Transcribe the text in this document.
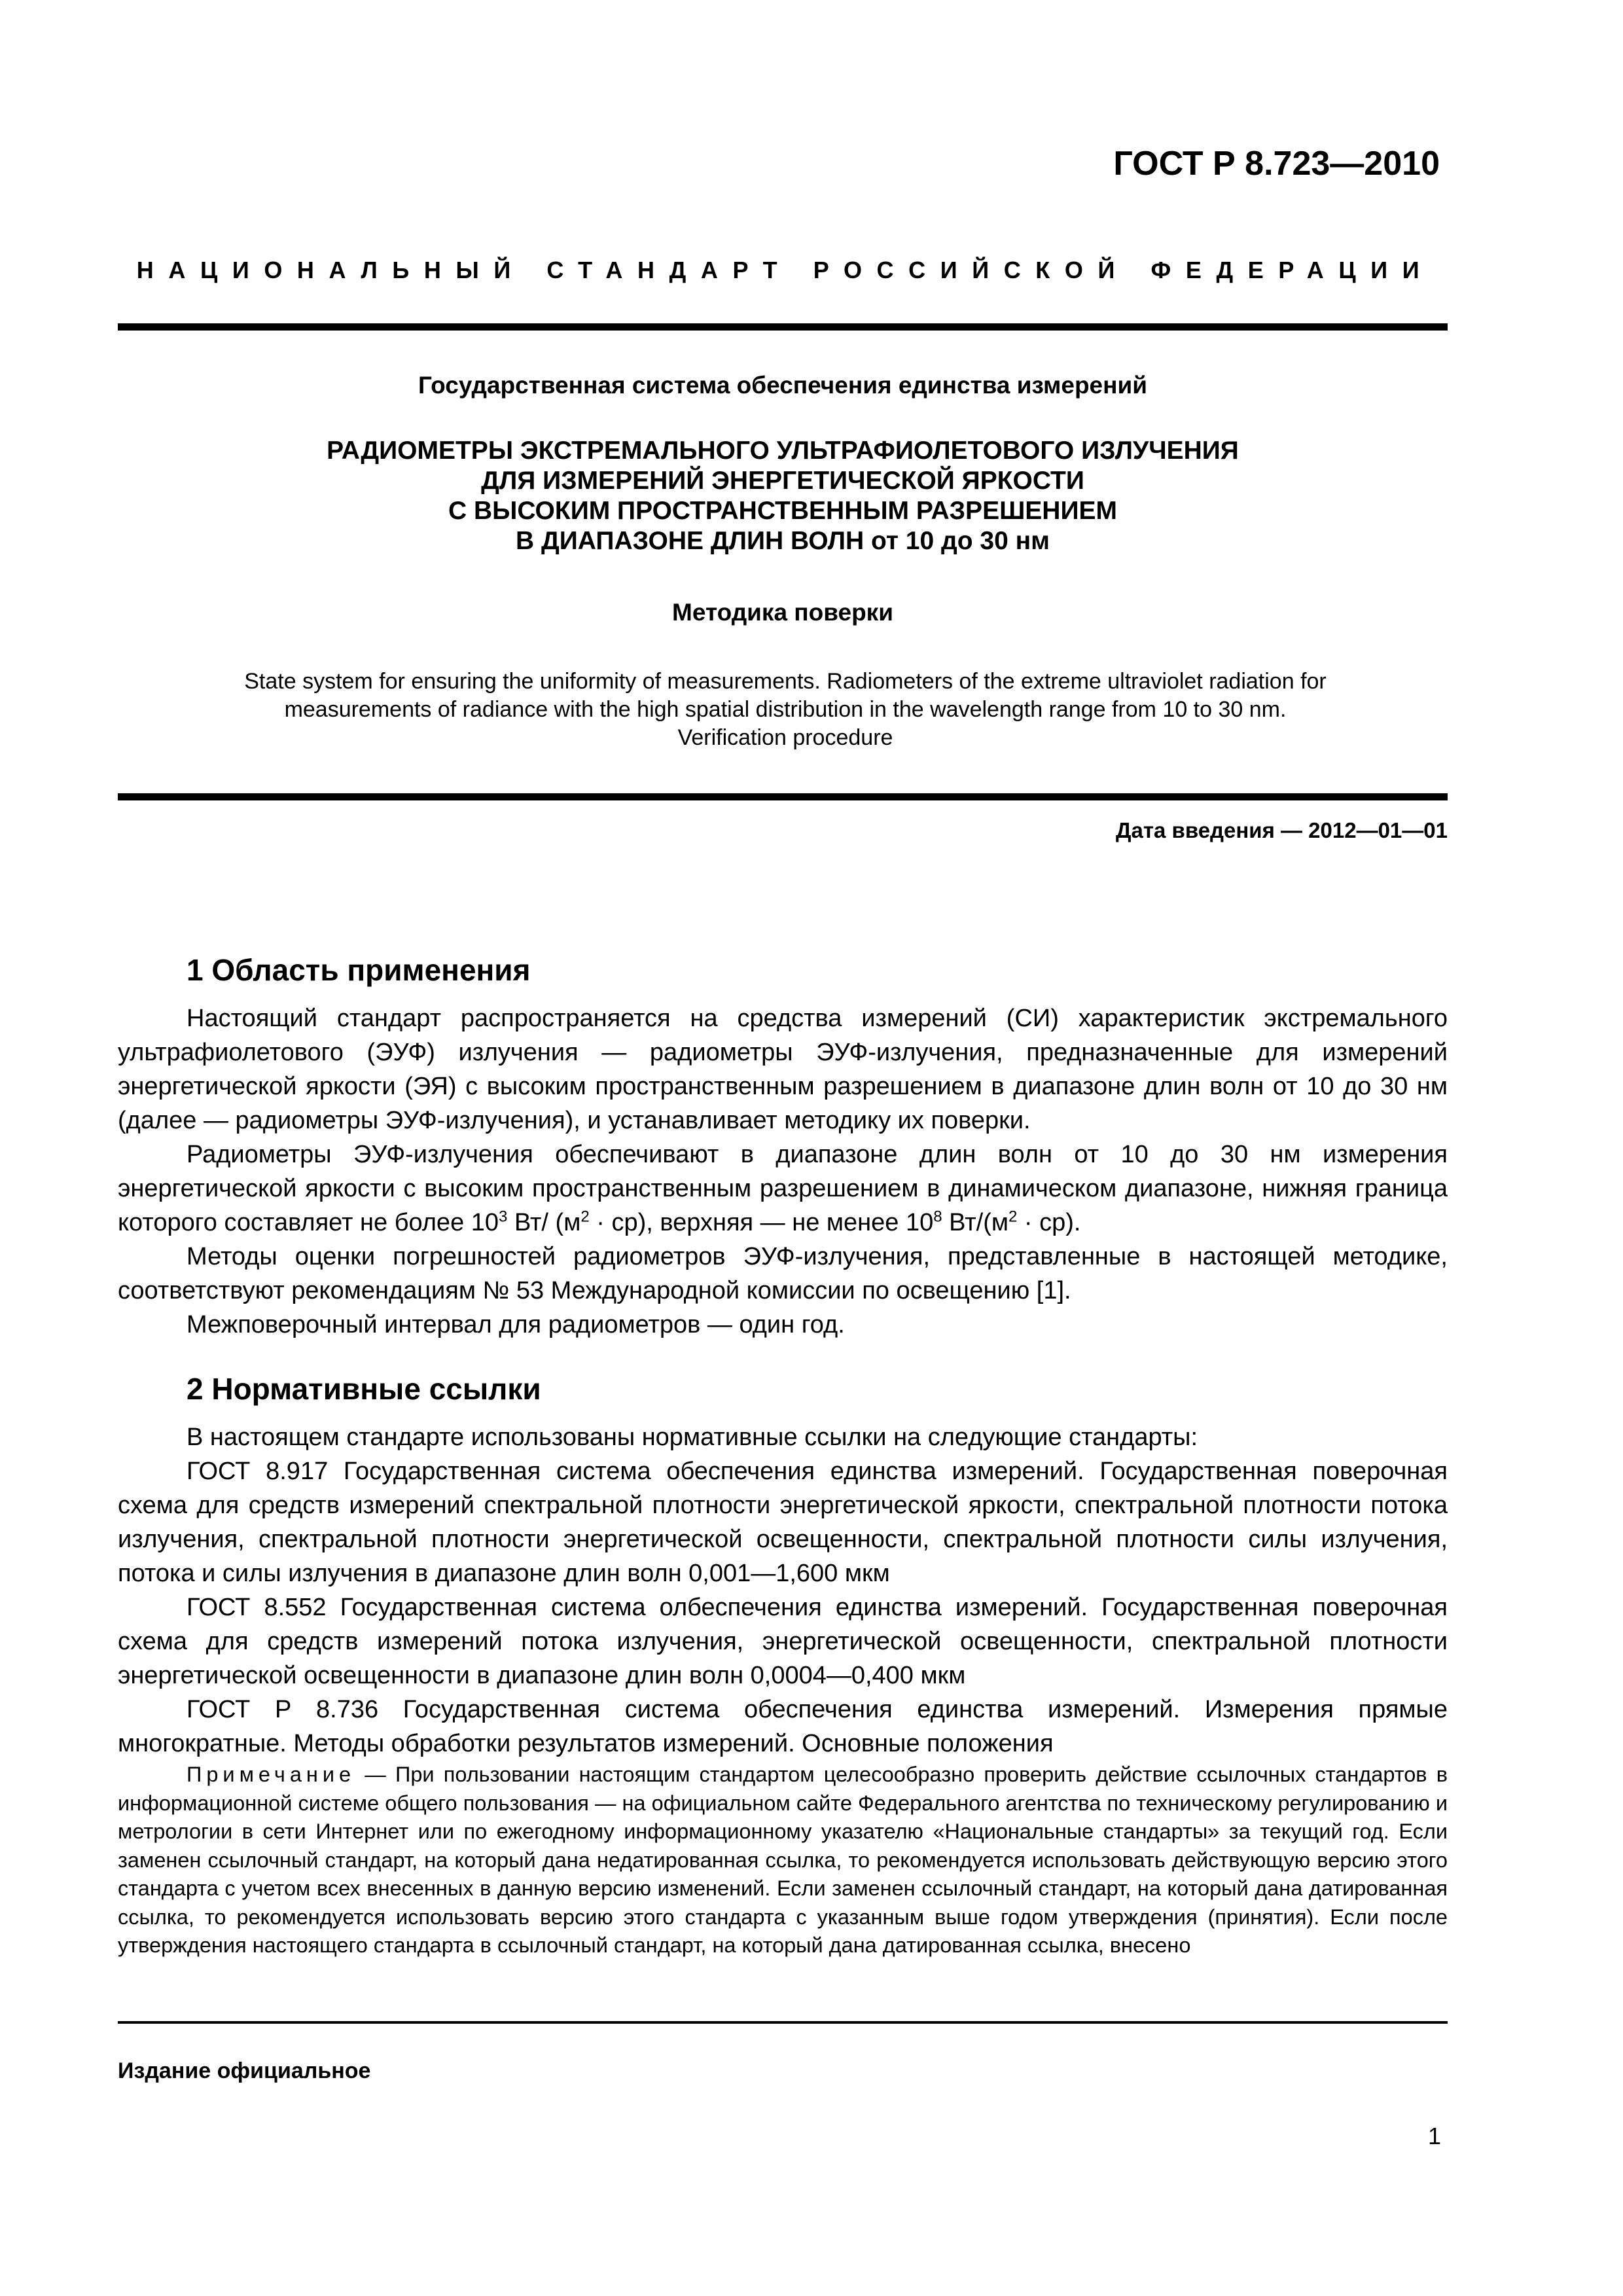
ГОСТ Р 8.723—2010
НАЦИОНАЛЬНЫЙ СТАНДАРТ РОССИЙСКОЙ ФЕДЕРАЦИИ
Государственная система обеспечения единства измерений
РАДИОМЕТРЫ ЭКСТРЕМАЛЬНОГО УЛЬТРАФИОЛЕТОВОГО ИЗЛУЧЕНИЯ
ДЛЯ ИЗМЕРЕНИЙ ЭНЕРГЕТИЧЕСКОЙ ЯРКОСТИ
С ВЫСОКИМ ПРОСТРАНСТВЕННЫМ РАЗРЕШЕНИЕМ
В ДИАПАЗОНЕ ДЛИН ВОЛН от 10 до 30 нм
Методика поверки
State system for ensuring the uniformity of measurements. Radiometers of the extreme ultraviolet radiation for
measurements of radiance with the high spatial distribution in the wavelength range from 10 to 30 nm.
Verification procedure
Дата введения — 2012—01—01
1 Область применения

Настоящий стандарт распространяется на средства измерений (СИ) характеристик экстремального ультрафиолетового (ЭУФ) излучения — радиометры ЭУФ-излучения, предназначенные для измерений энергетической яркости (ЭЯ) с высоким пространственным разрешением в диапазоне длин волн от 10 до 30 нм (далее — радиометры ЭУФ-излучения), и устанавливает методику их поверки.

Радиометры ЭУФ-излучения обеспечивают в диапазоне длин волн от 10 до 30 нм измерения энергетической яркости с высоким пространственным разрешением в динамическом диапазоне, нижняя граница которого составляет не более $10^3$ Вт/ $(м^2 \cdot ср)$, верхняя — не менее $10^8$ $Вт/(м^2 \cdot ср)$.

Методы оценки погрешностей радиометров ЭУФ-излучения, представленные в настоящей методике, соответствуют рекомендациям № 53 Международной комиссии по освещению [1].

Межповерочный интервал для радиометров — один год.

2 Нормативные ссылки

В настоящем стандарте использованы нормативные ссылки на следующие стандарты:

ГОСТ 8.917 Государственная система обеспечения единства измерений. Государственная поверочная схема для средств измерений спектральной плотности энергетической яркости, спектральной плотности потока излучения, спектральной плотности энергетической освещенности, спектральной плотности силы излучения, потока и силы излучения в диапазоне длин волн 0,001—1,600 мкм

ГОСТ 8.552 Государственная система олбеспечения единства измерений. Государственная поверочная схема для средств измерений потока излучения, энергетической освещенности, спектральной плотности энергетической освещенности в диапазоне длин волн 0,0004—0,400 мкм

ГОСТ Р 8.736 Государственная система обеспечения единства измерений. Измерения прямые многократные. Методы обработки результатов измерений. Основные положения

Примечание — При пользовании настоящим стандартом целесообразно проверить действие ссылочных стандартов в информационной системе общего пользования — на официальном сайте Федерального агентства по техническому регулированию и метрологии в сети Интернет или по ежегодному информационному указателю «Национальные стандарты» за текущий год. Если заменен ссылочный стандарт, на который дана недатированная ссылка, то рекомендуется использовать действующую версию этого стандарта с учетом всех внесенных в данную версию изменений. Если заменен ссылочный стандарт, на который дана датированная ссылка, то рекомендуется использовать версию этого стандарта с указанным выше годом утверждения (принятия). Если после утверждения настоящего стандарта в ссылочный стандарт, на который дана датированная ссылка, внесено

Издание официальное
1
